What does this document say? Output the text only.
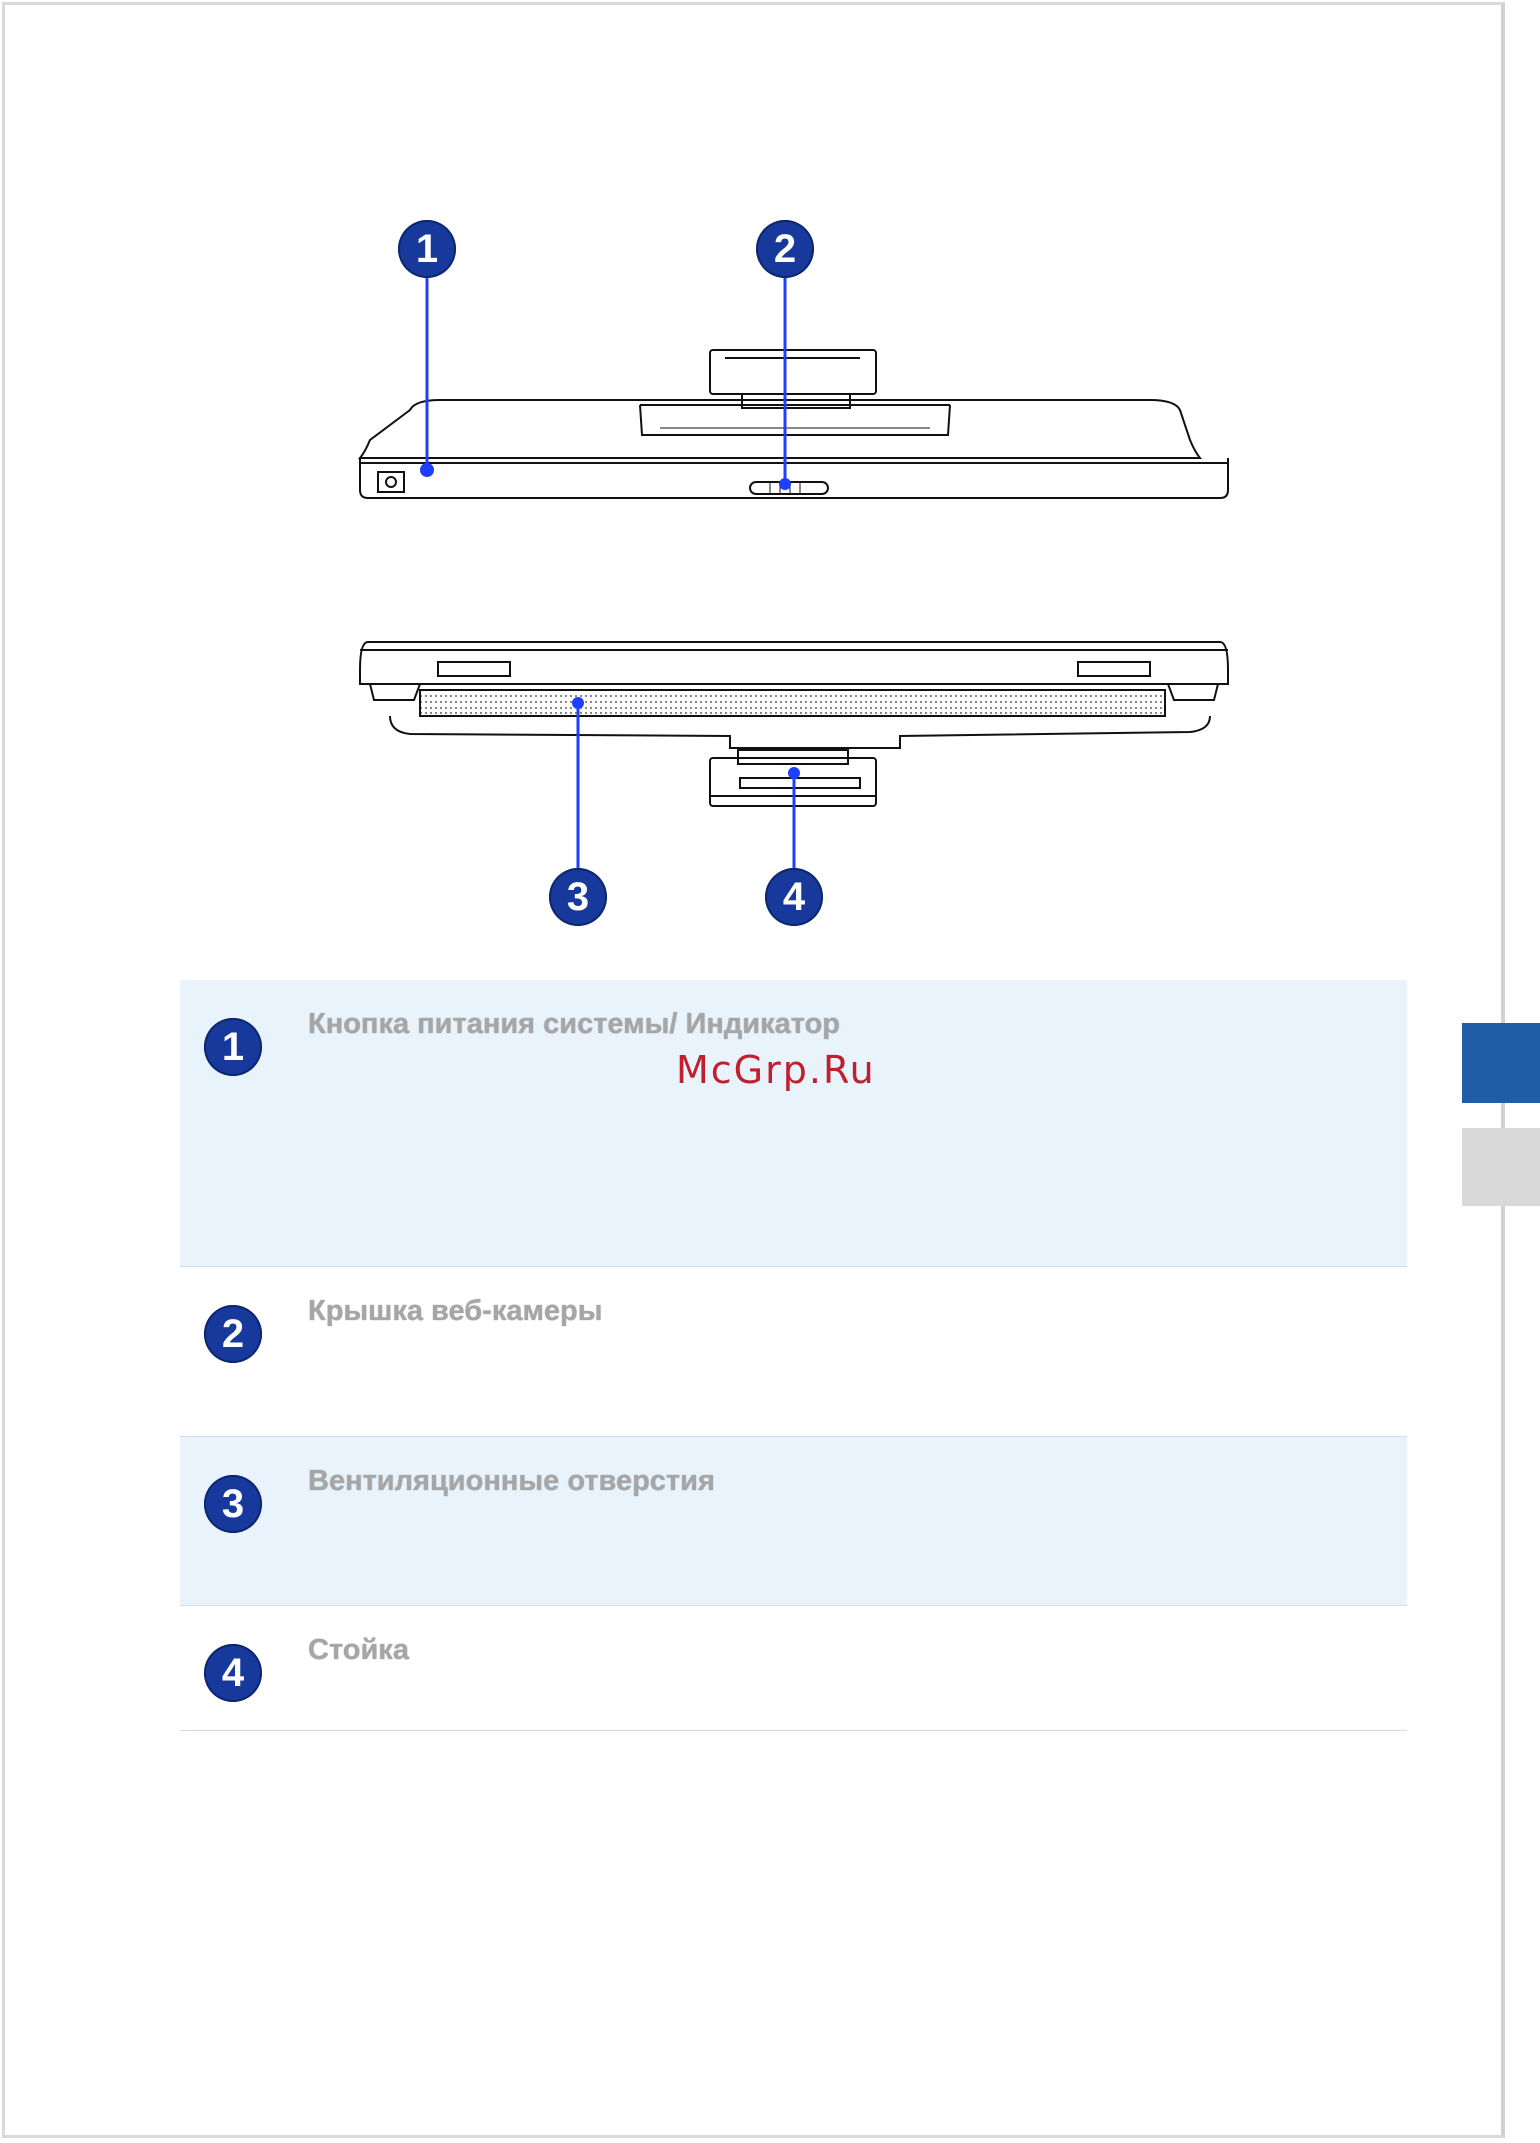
1	2
3	4
1
Кнопка питания системы/ Индикатор
2
Крышка веб-камеры
3
Вентиляционные отверстия
4
Стойка
McGrp.Ru
